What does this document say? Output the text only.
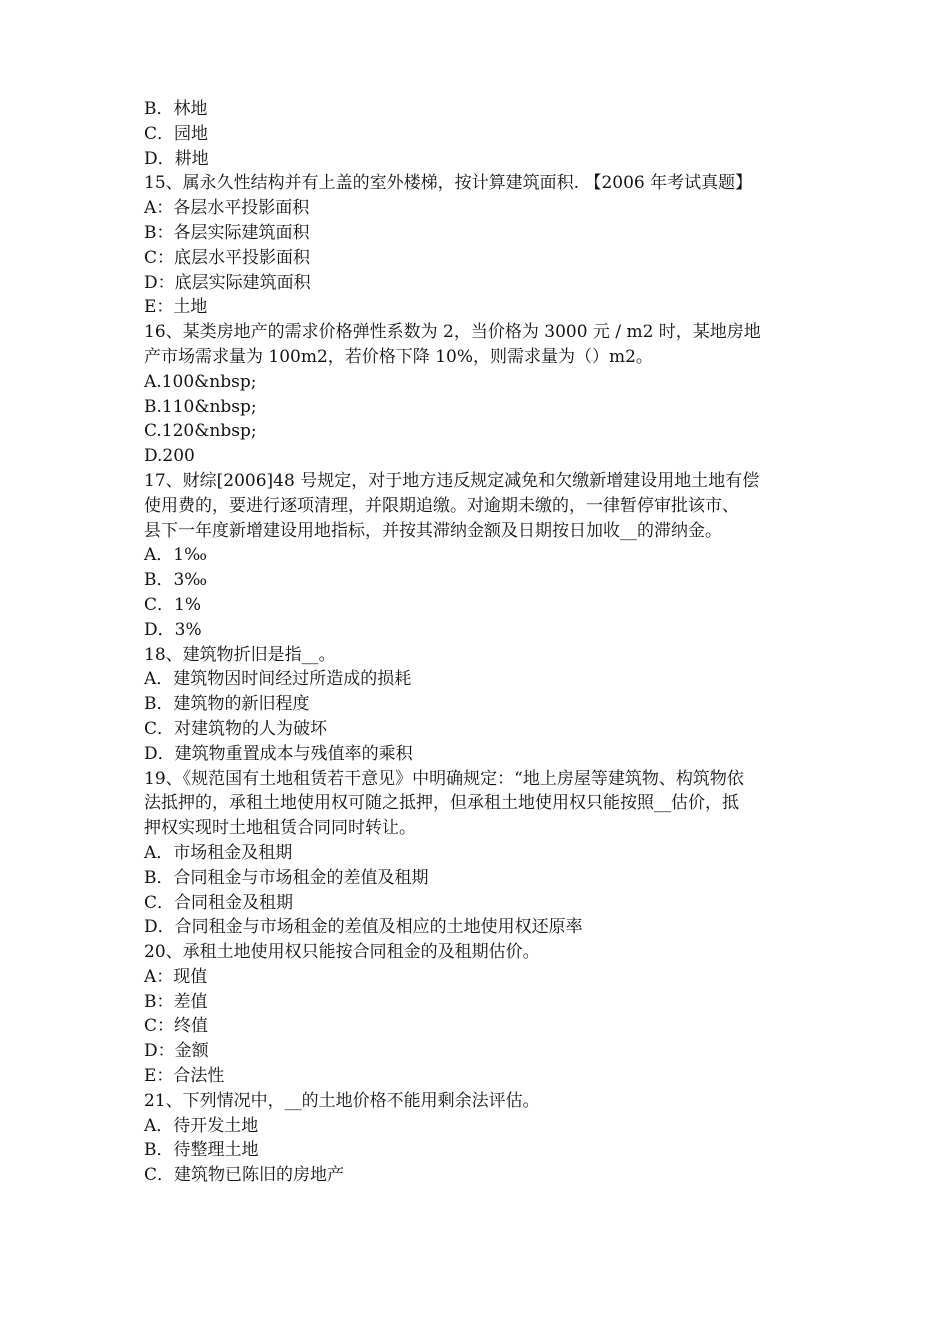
B．林地
C．园地
D．耕地
15、属永久性结构并有上盖的室外楼梯，按计算建筑面积. 【2006 年考试真题】
A：各层水平投影面积
B：各层实际建筑面积
C：底层水平投影面积
D：底层实际建筑面积
E：土地
16、某类房地产的需求价格弹性系数为 2，当价格为 3000 元 / m2 时，某地房地
产市场需求量为 100m2，若价格下降 10%，则需求量为（）m2。
A.100&nbsp;
B.110&nbsp;
C.120&nbsp;
D.200
17、财综[2006]48 号规定，对于地方违反规定减免和欠缴新增建设用地土地有偿
使用费的，要进行逐项清理，并限期追缴。对逾期未缴的，一律暂停审批该市、
县下一年度新增建设用地指标，并按其滞纳金额及日期按日加收__的滞纳金。
A．1‰
B．3‰
C．1%
D．3%
18、建筑物折旧是指__。
A．建筑物因时间经过所造成的损耗
B．建筑物的新旧程度
C．对建筑物的人为破坏
D．建筑物重置成本与残值率的乘积
19、《规范国有土地租赁若干意见》中明确规定：“地上房屋等建筑物、构筑物依
法抵押的，承租土地使用权可随之抵押，但承租土地使用权只能按照__估价，抵
押权实现时土地租赁合同同时转让。
A．市场租金及租期
B．合同租金与市场租金的差值及租期
C．合同租金及租期
D．合同租金与市场租金的差值及相应的土地使用权还原率
20、承租土地使用权只能按合同租金的及租期估价。
A：现值
B：差值
C：终值
D：金额
E：合法性
21、下列情况中，__的土地价格不能用剩余法评估。
A．待开发土地
B．待整理土地
C．建筑物已陈旧的房地产
